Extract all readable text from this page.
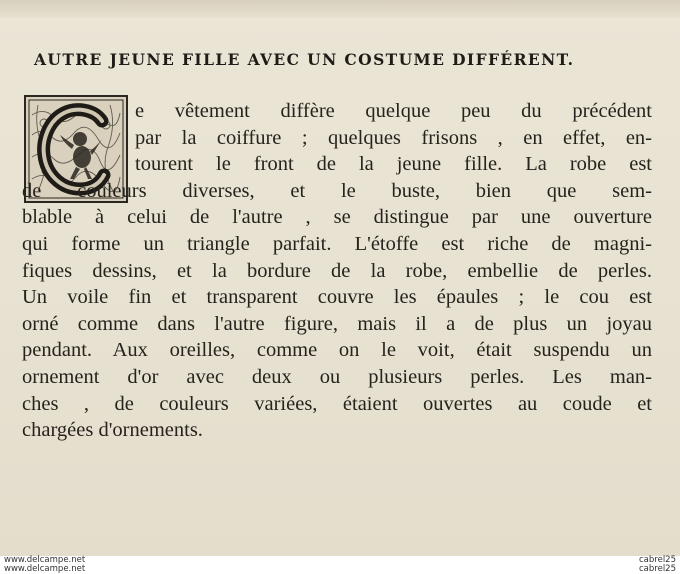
AUTRE JEUNE FILLE AVEC UN COSTUME DIFFÉRENT.
e vêtement diffère quelque peu du précédent
par la coiffure ; quelques frisons , en effet, en-
tourent le front de la jeune fille. La robe est
de couleurs diverses, et le buste, bien que sem-
blable à celui de l'autre , se distingue par une ouverture
qui forme un triangle parfait. L'étoffe est riche de magni-
fiques dessins, et la bordure de la robe, embellie de perles.
Un voile fin et transparent couvre les épaules ; le cou est
orné comme dans l'autre figure, mais il a de plus un joyau
pendant. Aux oreilles, comme on le voit, était suspendu un
ornement d'or avec deux ou plusieurs perles. Les man-
ches , de couleurs variées, étaient ouvertes au coude et
chargées d'ornements.
www.delcampe.net
www.delcampe.net
cabrel25
cabrel25
